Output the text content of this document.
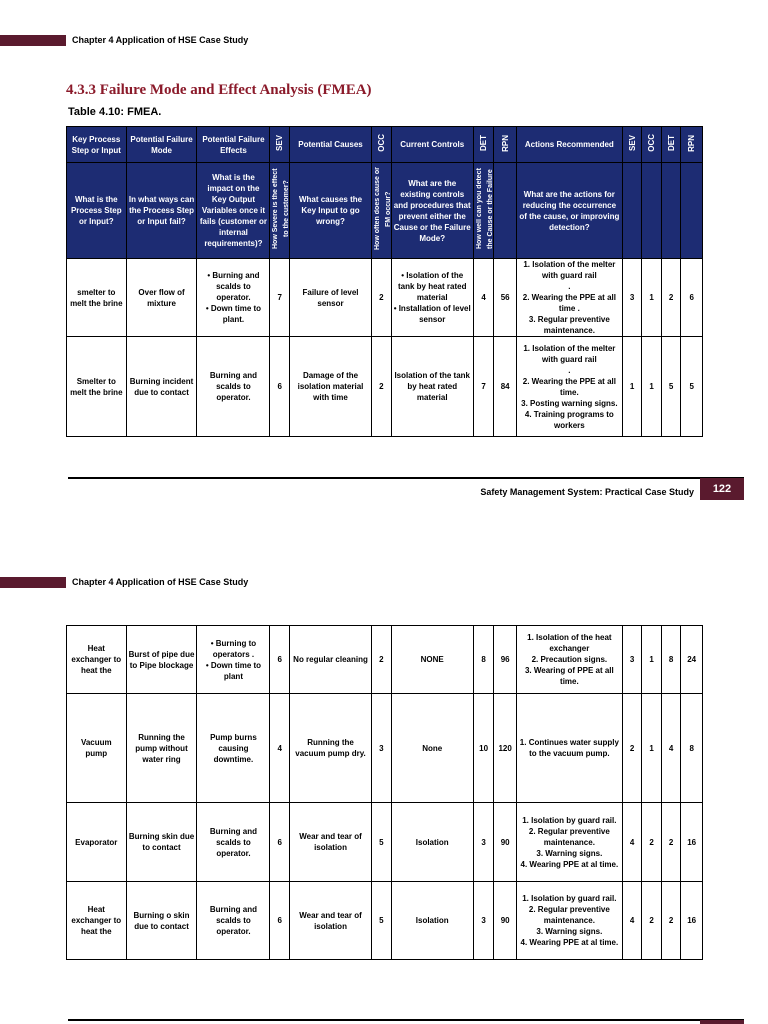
Chapter 4 Application of HSE Case Study
4.3.3 Failure Mode and Effect Analysis (FMEA)
Table 4.10: FMEA.
Key Process Step or Input	Potential Failure Mode	Potential Failure Effects	SEV	Potential Causes	OCC	Current Controls	DET	RPN	Actions Recommended	SEV	OCC	DET	RPN
What is the Process Step or Input?	In what ways can the Process Step or Input fail?	What is the impact on the Key Output Variables once it fails (customer or internal requirements)?	How Severe is the effect to the customer?	What causes the Key Input to go wrong?	How often does cause or FM occur?	What are the existing controls and procedures that prevent either the Cause or the Failure Mode?	How well can you detect the Cause or the Failure		What are the actions for reducing the occurrence of the cause, or improving detection?				
smelter to melt the brine	Over flow of mixture	• Burning and scalds to operator.
• Down time to plant.	7	Failure of level sensor	2	• Isolation of the tank by heat rated material
• Installation of level sensor	4	56	1. Isolation of the melter with guard rail
.
2. Wearing the PPE at all time .
3. Regular preventive maintenance.	3	1	2	6
Smelter to melt the brine	Burning incident due to contact	Burning and scalds to operator.	6	Damage of the isolation material with time	2	Isolation of the tank by heat rated material	7	84	1. Isolation of the melter with guard rail
.
2. Wearing the PPE at all time.
3. Posting warning signs.
4. Training programs to workers	1	1	5	5
Safety Management System: Practical Case Study	122
Chapter 4 Application of HSE Case Study
Heat exchanger to heat the	Burst of pipe due to Pipe blockage	• Burning to operators .
• Down time to plant	6	No regular cleaning	2	NONE	8	96	1. Isolation of the heat exchanger
2. Precaution signs.
3. Wearing of PPE at all time.	3	1	8	24
Vacuum pump	Running the pump without water ring	Pump burns causing downtime.	4	Running the vacuum pump dry.	3	None	10	120	1. Continues water supply to the vacuum pump.	2	1	4	8
Evaporator	Burning skin due to contact	Burning and scalds to operator.	6	Wear and tear of isolation	5	Isolation	3	90	1. Isolation by guard rail.
2. Regular preventive maintenance.
3. Warning signs.
4. Wearing PPE at al time.	4	2	2	16
Heat exchanger to heat the	Burning o skin due to contact	Burning and scalds to operator.	6	Wear and tear of isolation	5	Isolation	3	90	1. Isolation by guard rail.
2. Regular preventive maintenance.
3. Warning signs.
4. Wearing PPE at al time.	4	2	2	16
